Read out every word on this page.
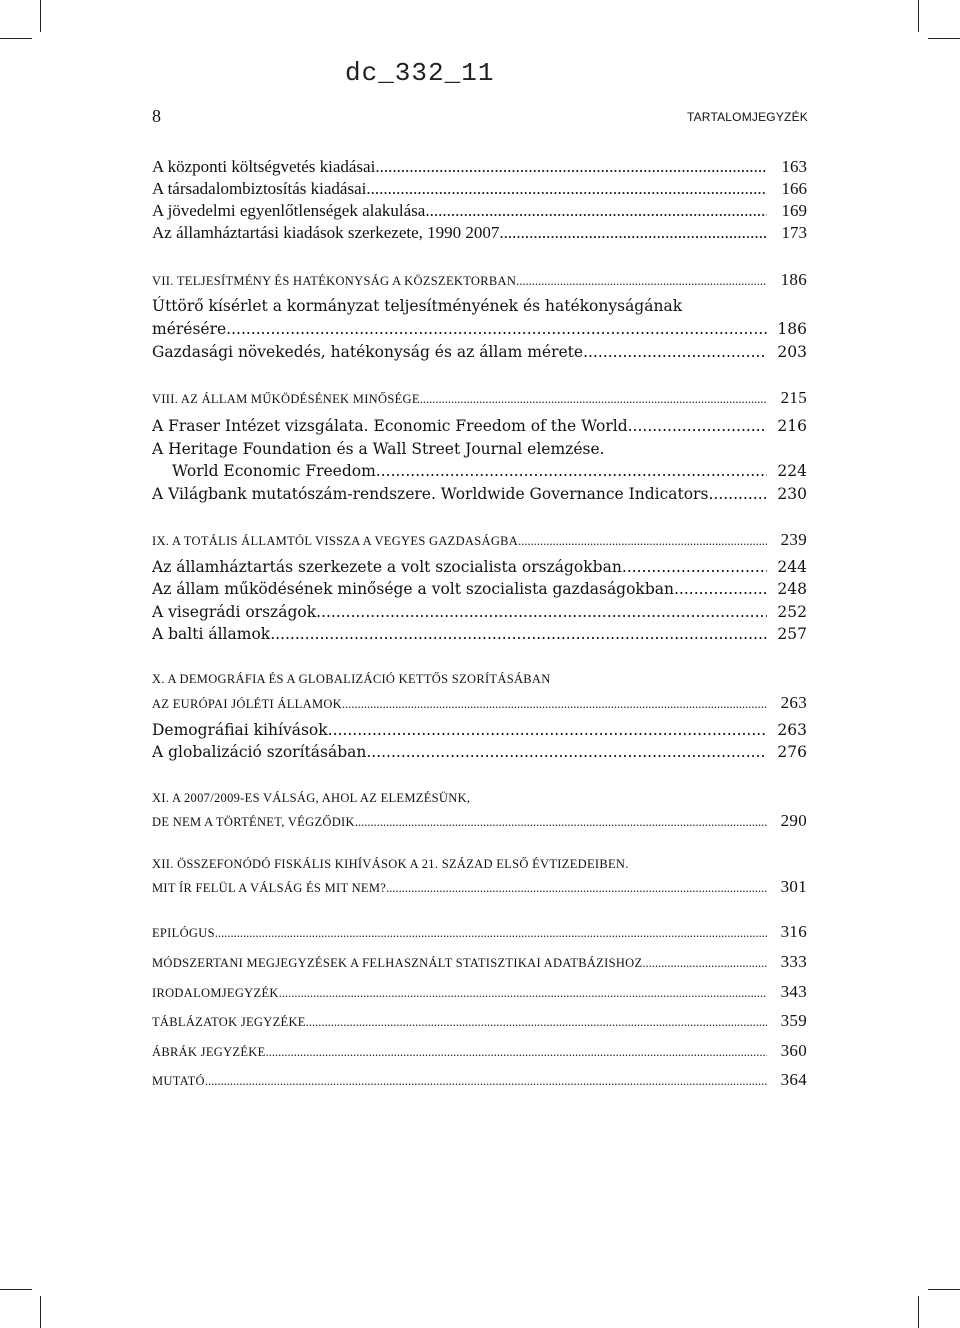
dc_332_11
8	TARTALOMJEGYZÉK
A központi költségvetés kiadásai .....	163
A társadalombiztosítás kiadásai .....	166
A jövedelmi egyenlőtlenségek alakulása .....	169
Az államháztartási kiadások szerkezete, 1990 2007 .....	173
VII. TELJESÍTMÉNY ÉS HATÉKONYSÁG A KÖZSZEKTORBAN .....	186
Úttörő kísérlet a kormányzat teljesítményének és hatékonyságának
mérésére .....	186
Gazdasági növekedés, hatékonyság és az állam mérete .....	203
VIII. AZ ÁLLAM MŰKÖDÉSÉNEK MINŐSÉGE .....	215
A Fraser Intézet vizsgálata. Economic Freedom of the World .....	216
A Heritage Foundation és a Wall Street Journal elemzése.
World Economic Freedom .....	224
A Világbank mutatószám-rendszere. Worldwide Governance Indicators .....	230
IX. A TOTÁLIS ÁLLAMTÓL VISSZA A VEGYES GAZDASÁGBA .....	239
Az államháztartás szerkezete a volt szocialista országokban .....	244
Az állam működésének minősége a volt szocialista gazdaságokban .....	248
A visegrádi országok .....	252
A balti államok .....	257
X. A DEMOGRÁFIA ÉS A GLOBALIZÁCIÓ KETTŐS SZORÍTÁSÁBAN
AZ EURÓPAI JÓLÉTI ÁLLAMOK .....	263
Demográfiai kihívások .....	263
A globalizáció szorításában .....	276
XI. A 2007/2009-ES VÁLSÁG, AHOL AZ ELEMZÉSÜNK,
DE NEM A TÖRTÉNET, VÉGZŐDIK .....	290
XII. ÖSSZEFONÓDÓ FISKÁLIS KIHÍVÁSOK A 21. SZÁZAD ELSŐ ÉVTIZEDEIBEN.
MIT ÍR FELÜL A VÁLSÁG ÉS MIT NEM? .....	301
EPILÓGUS .....	316
MÓDSZERTANI MEGJEGYZÉSEK A FELHASZNÁLT STATISZTIKAI ADATBÁZISHOZ .....	333
IRODALOMJEGYZÉK .....	343
TÁBLÁZATOK JEGYZÉKE .....	359
ÁBRÁK JEGYZÉKE .....	360
MUTATÓ .....	364
